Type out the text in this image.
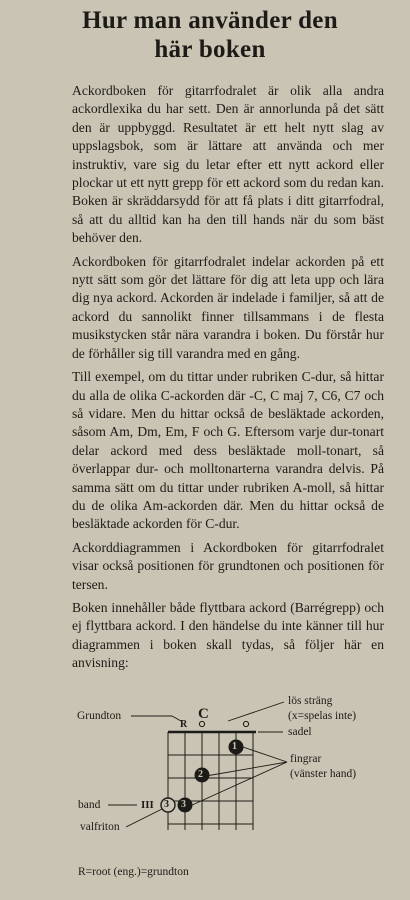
Hur man använder den
här boken

Ackordboken för gitarrfodralet är olik alla andra ackordlexika du har sett. Den är annorlunda på det sätt den är uppbyggd. Resultatet är ett helt nytt slag av uppslagsbok, som är lättare att använda och mer instruktiv, vare sig du letar efter ett nytt ackord eller plockar ut ett nytt grepp för ett ackord som du redan kan. Boken är skräddarsydd för att få plats i ditt gitarrfodral, så att du alltid kan ha den till hands när du som bäst behöver den.

Ackordboken för gitarrfodralet indelar ackorden på ett nytt sätt som gör det lättare för dig att leta upp och lära dig nya ackord. Ackorden är indelade i familjer, så att de ackord du sannolikt finner tillsammans i de flesta musikstycken står nära varandra i boken. Du förstår hur de förhåller sig till varandra med en gång.

Till exempel, om du tittar under rubriken C-dur, så hittar du alla de olika C-ackorden där -C, C maj 7, C6, C7 och så vidare. Men du hittar också de besläktade ackorden, såsom Am, Dm, Em, F och G. Eftersom varje dur-tonart delar ackord med dess besläktade moll-tonart, så överlappar dur- och molltonarterna varandra delvis. På samma sätt om du tittar under rubriken A-moll, så hittar du de olika Am-ackorden där. Men du hittar också de besläktade ackorden för C-dur.

Ackorddiagrammen i Ackordboken för gitarrfodralet visar också positionen för grundtonen och positionen för tersen.

Boken innehåller både flyttbara ackord (Barrégrepp) och ej flyttbara ackord. I den händelse du inte känner till hur diagrammen i boken skall tydas, så följer här en anvisning:

Grundton	C
R
lös sträng
(x=spelas inte)
sadel
fingrar
(vänster hand)
1
2
3 3
band	III
valfriton
R=root (eng.)=grundton
